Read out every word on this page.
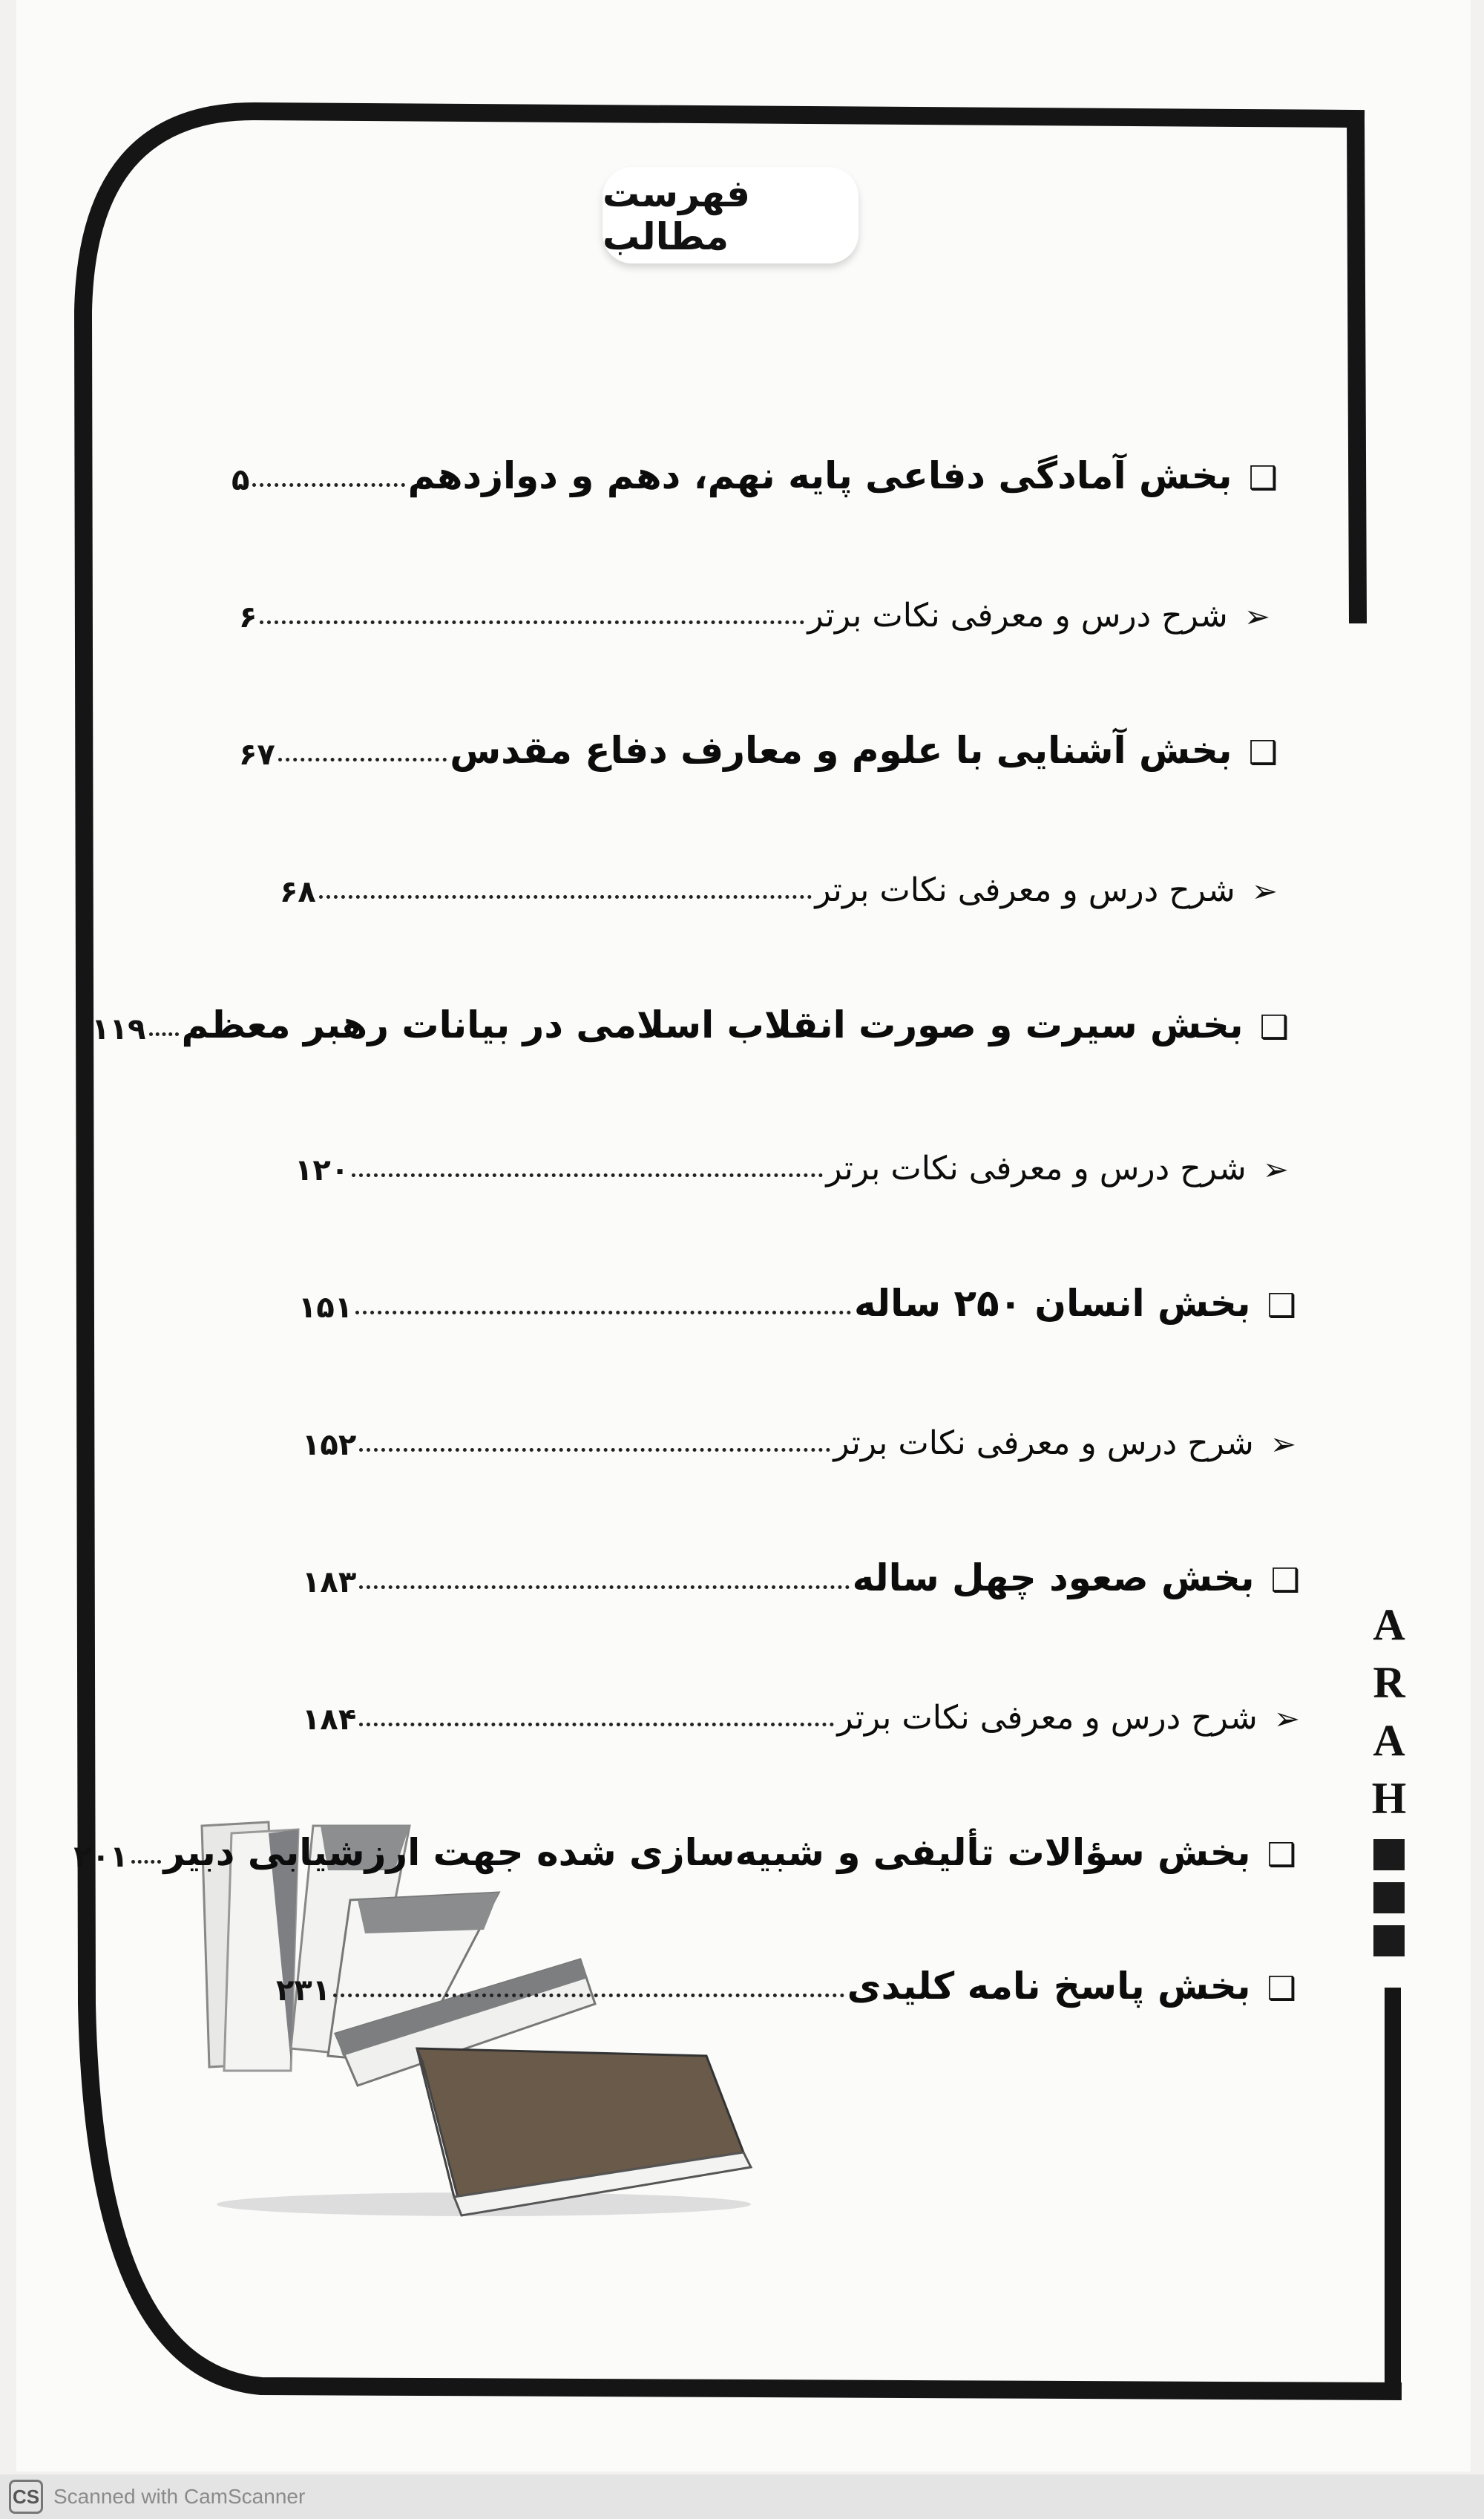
فهرست مطالب
❑
بخش آمادگی دفاعی پایه نهم، دهم و دوازدهم
۵
➢
شرح درس و معرفی نکات برتر
۶
❑
بخش آشنایی با علوم و معارف دفاع مقدس
۶۷
➢
شرح درس و معرفی نکات برتر
۶۸
❑
بخش سیرت و صورت انقلاب اسلامی در بیانات رهبر معظم
۱۱۹
➢
شرح درس و معرفی نکات برتر
۱۲۰
❑
بخش انسان ۲۵۰ ساله
۱۵۱
➢
شرح درس و معرفی نکات برتر
۱۵۲
❑
بخش صعود چهل ساله
۱۸۳
➢
شرح درس و معرفی نکات برتر
۱۸۴
❑
بخش سؤالات تألیفی و شبیه‌سازی شده جهت ارزشیابی دبیر
۲۰۱
❑
بخش پاسخ نامه کلیدی
۲۳۱
A
R
A
H
CS Scanned with CamScanner
